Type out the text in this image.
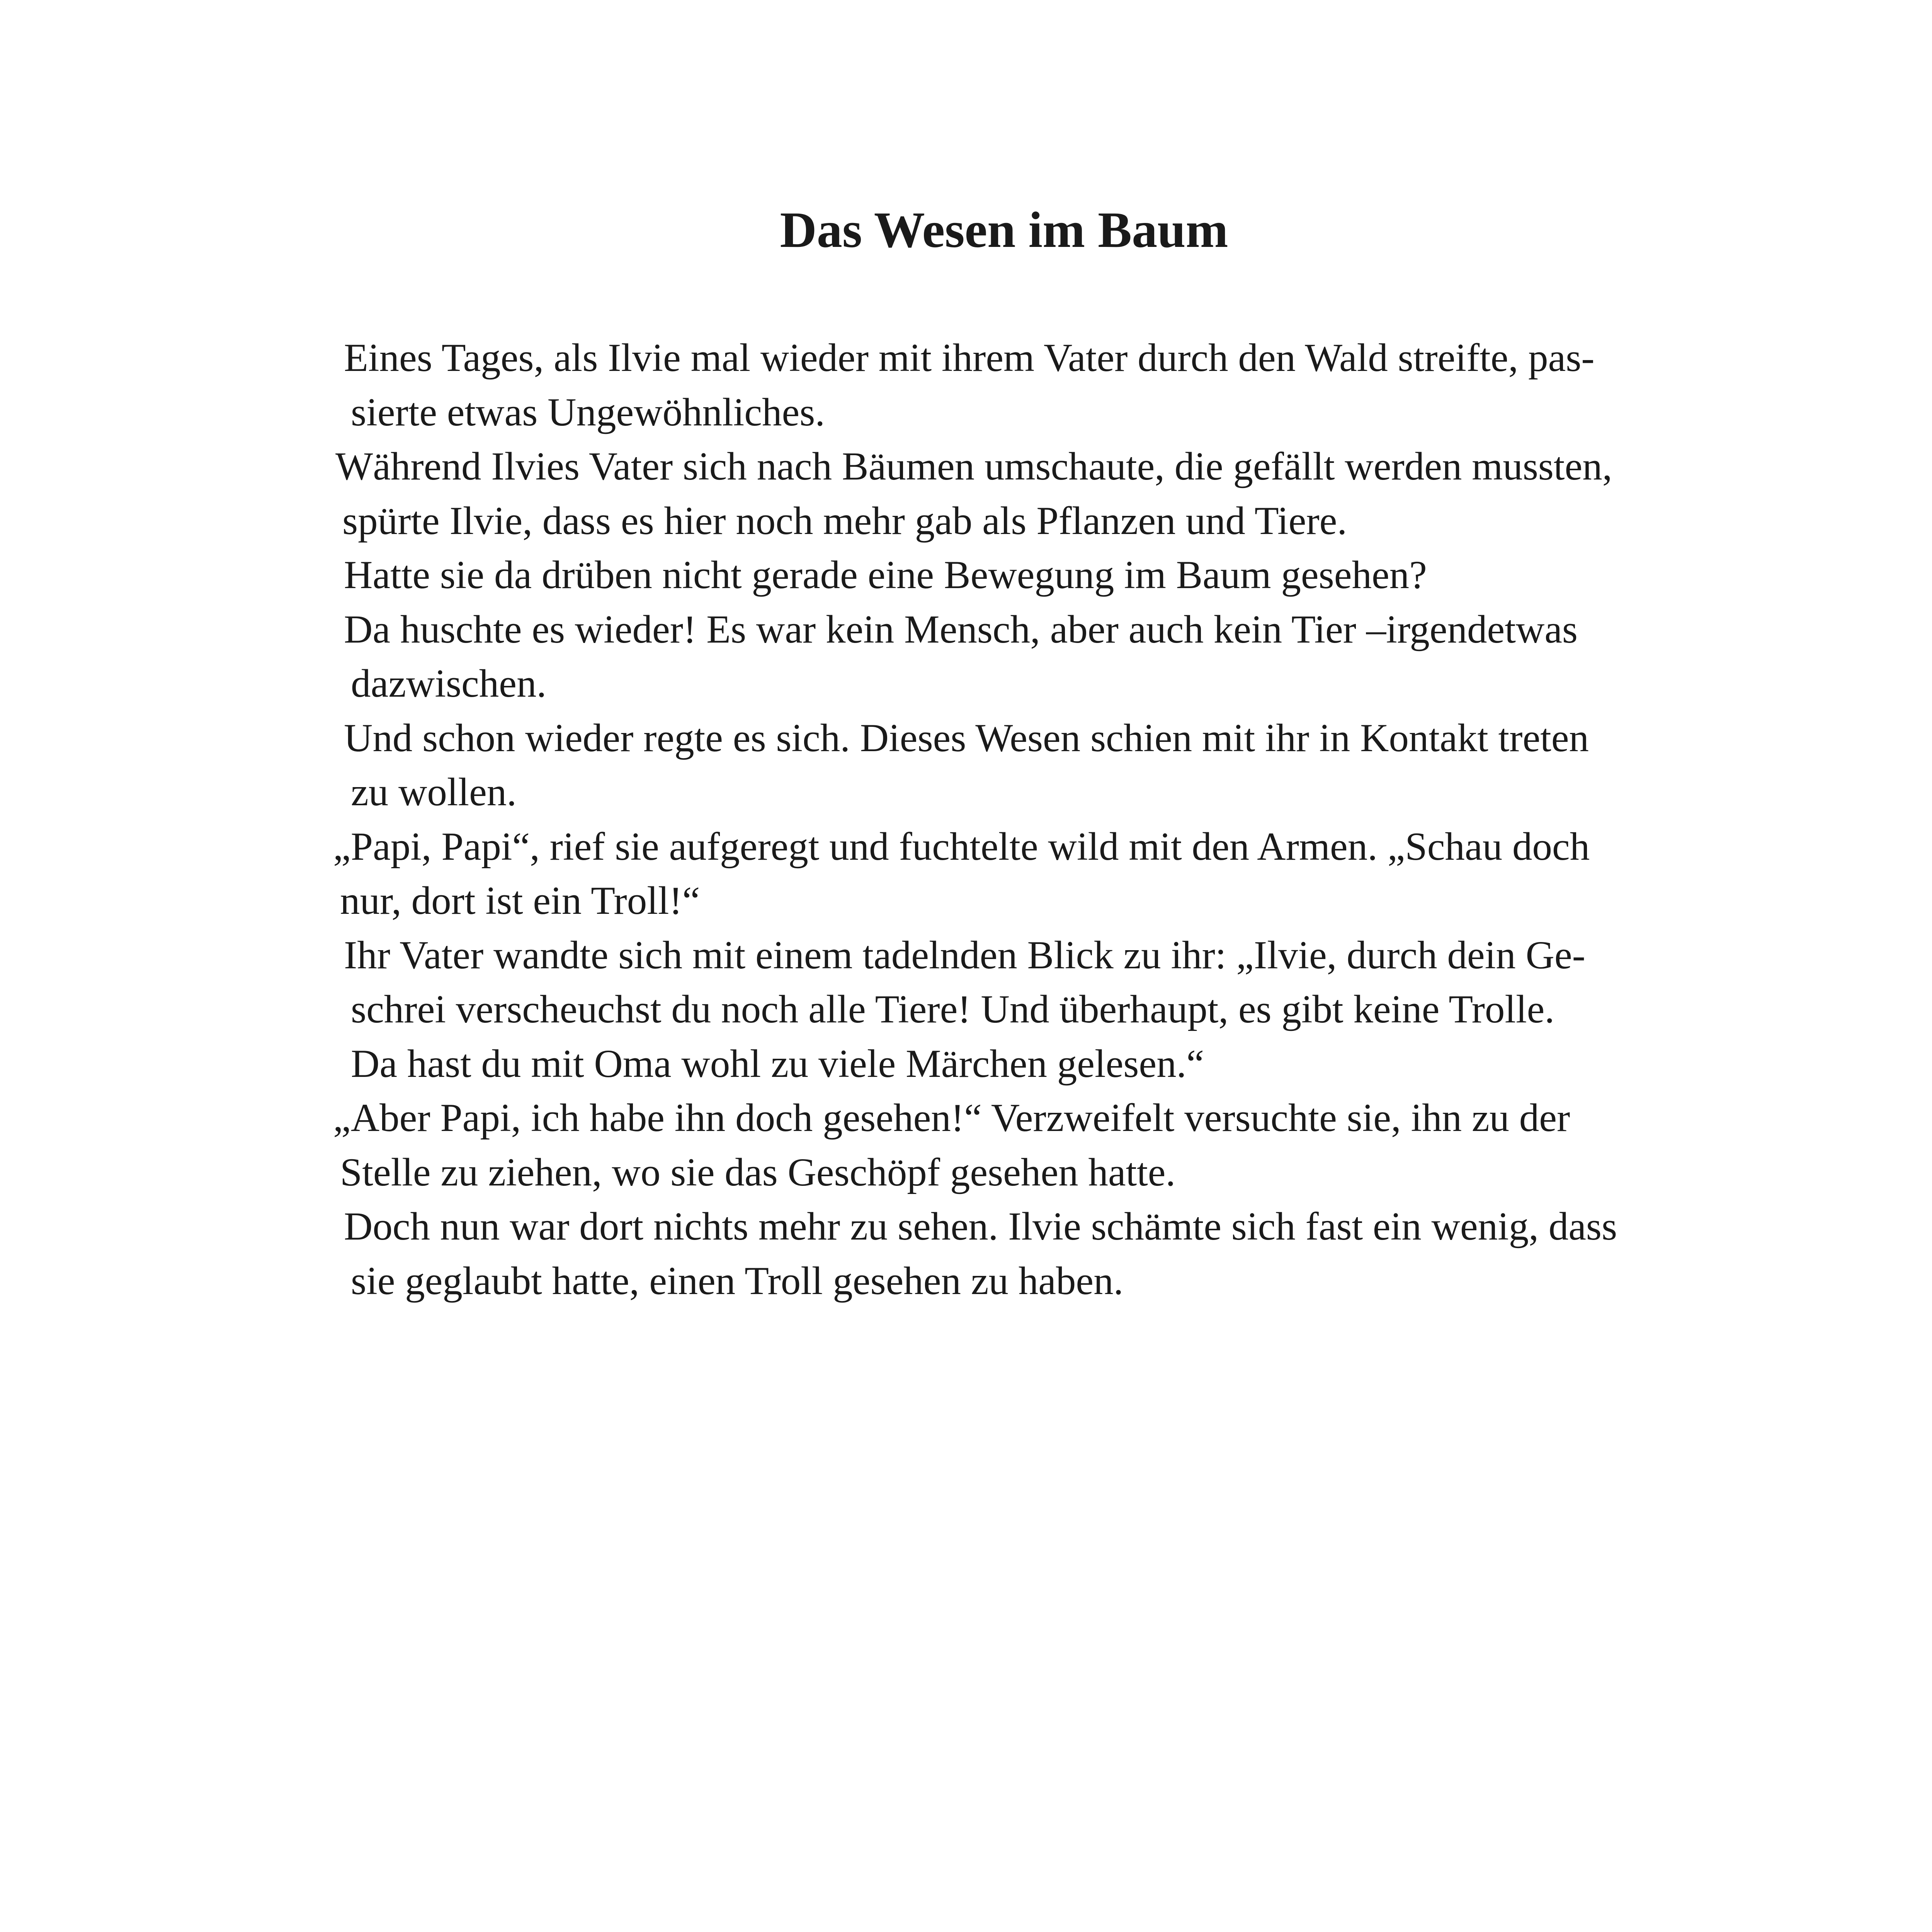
Das Wesen im Baum

Eines Tages, als Ilvie mal wieder mit ihrem Vater durch den Wald streifte, pas-
sierte etwas Ungewöhnliches.

Während Ilvies Vater sich nach Bäumen umschaute, die gefällt werden mussten,
spürte Ilvie, dass es hier noch mehr gab als Pflanzen und Tiere.

Hatte sie da drüben nicht gerade eine Bewegung im Baum gesehen?

Da huschte es wieder! Es war kein Mensch, aber auch kein Tier –irgendetwas
dazwischen.

Und schon wieder regte es sich. Dieses Wesen schien mit ihr in Kontakt treten
zu wollen.

„Papi, Papi“, rief sie aufgeregt und fuchtelte wild mit den Armen. „Schau doch
nur, dort ist ein Troll!“

Ihr Vater wandte sich mit einem tadelnden Blick zu ihr: „Ilvie, durch dein Ge-
schrei verscheuchst du noch alle Tiere! Und überhaupt, es gibt keine Trolle.
Da hast du mit Oma wohl zu viele Märchen gelesen.“

„Aber Papi, ich habe ihn doch gesehen!“ Verzweifelt versuchte sie, ihn zu der
Stelle zu ziehen, wo sie das Geschöpf gesehen hatte.

Doch nun war dort nichts mehr zu sehen. Ilvie schämte sich fast ein wenig, dass
sie geglaubt hatte, einen Troll gesehen zu haben.
